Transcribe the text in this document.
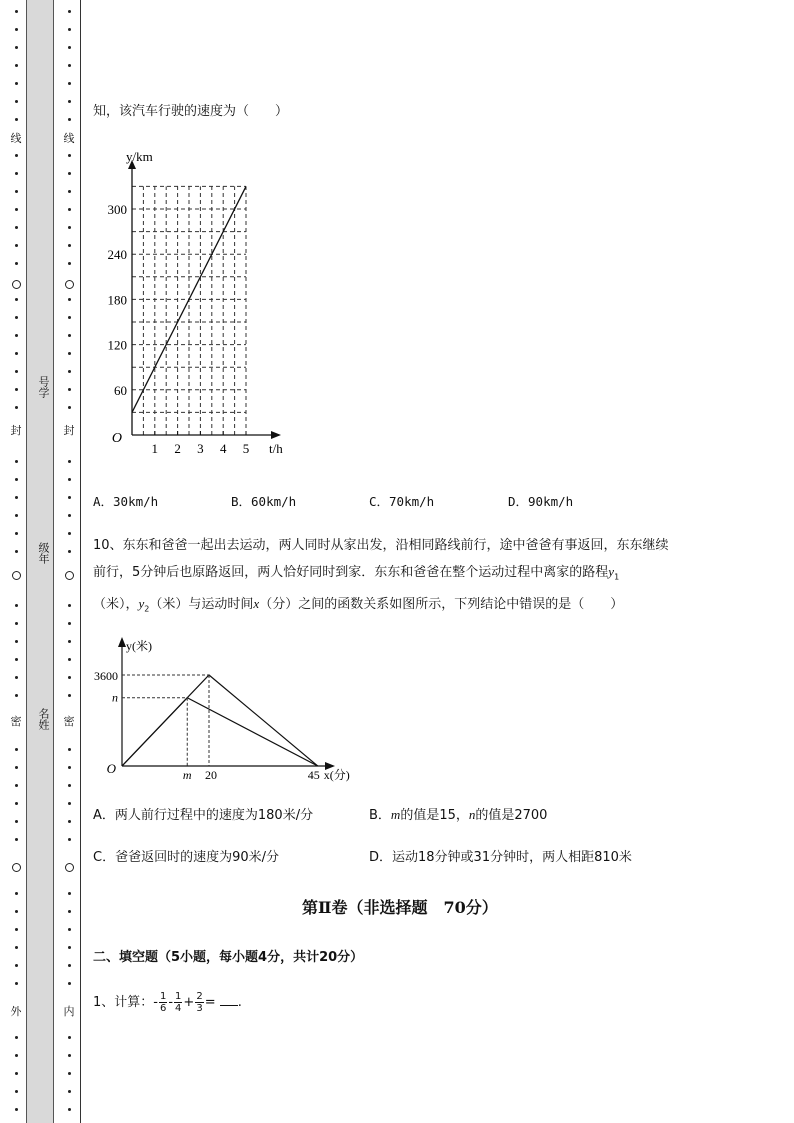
线
封
密
外
线
封
密
内
号学
级年
名姓
知，该汽车行驶的速度为（　　）
1 2 3 4 5
60
120
180
240
300
O
y/km
t/h
A．30km/h	B．60km/h	C．70km/h	D．90km/h
10、东东和爸爸一起出去运动，两人同时从家出发，沿相同路线前行，途中爸爸有事返回，东东继续
前行，5分钟后也原路返回，两人恰好同时到家．东东和爸爸在整个运动过程中离家的路程$y_1$
（米），$y_2$（米）与运动时间x（分）之间的函数关系如图所示，下列结论中错误的是（　　）
y(米)
3600
n
O	m 20	45 x(分)
A．两人前行过程中的速度为180米/分	B．m的值是15，n的值是2700
C．爸爸返回时的速度为90米/分	D．运动18分钟或31分钟时，两人相距810米
第Ⅱ卷（非选择题　70分）
二、填空题（5小题，每小题4分，共计20分）
1、计算：- $\frac{1}{6} - \frac{1}{4} + \frac{2}{3}$ = .
